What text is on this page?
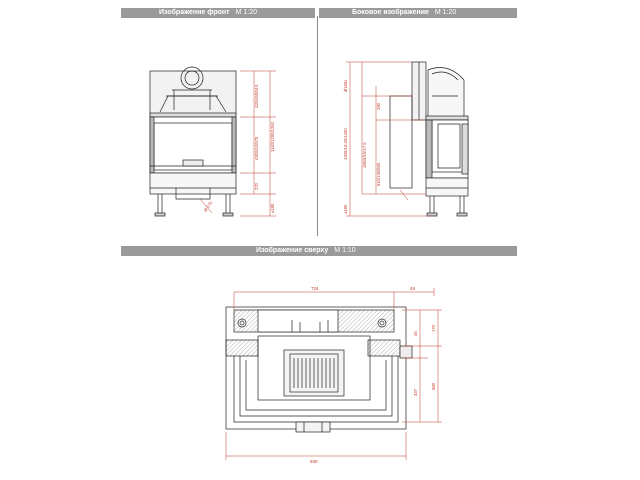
Изображение фронт M 1:20	Боковое изображение M 1:20
Изображение сверху M 1:10
420/460/510
430/510/570	1140/1200/1260
270
±180
Ø 175
Ø160x
190
1200/13-40/1400	185/5/15/17.5
610/130/500
±180
734	48
45
170
337
580
830
